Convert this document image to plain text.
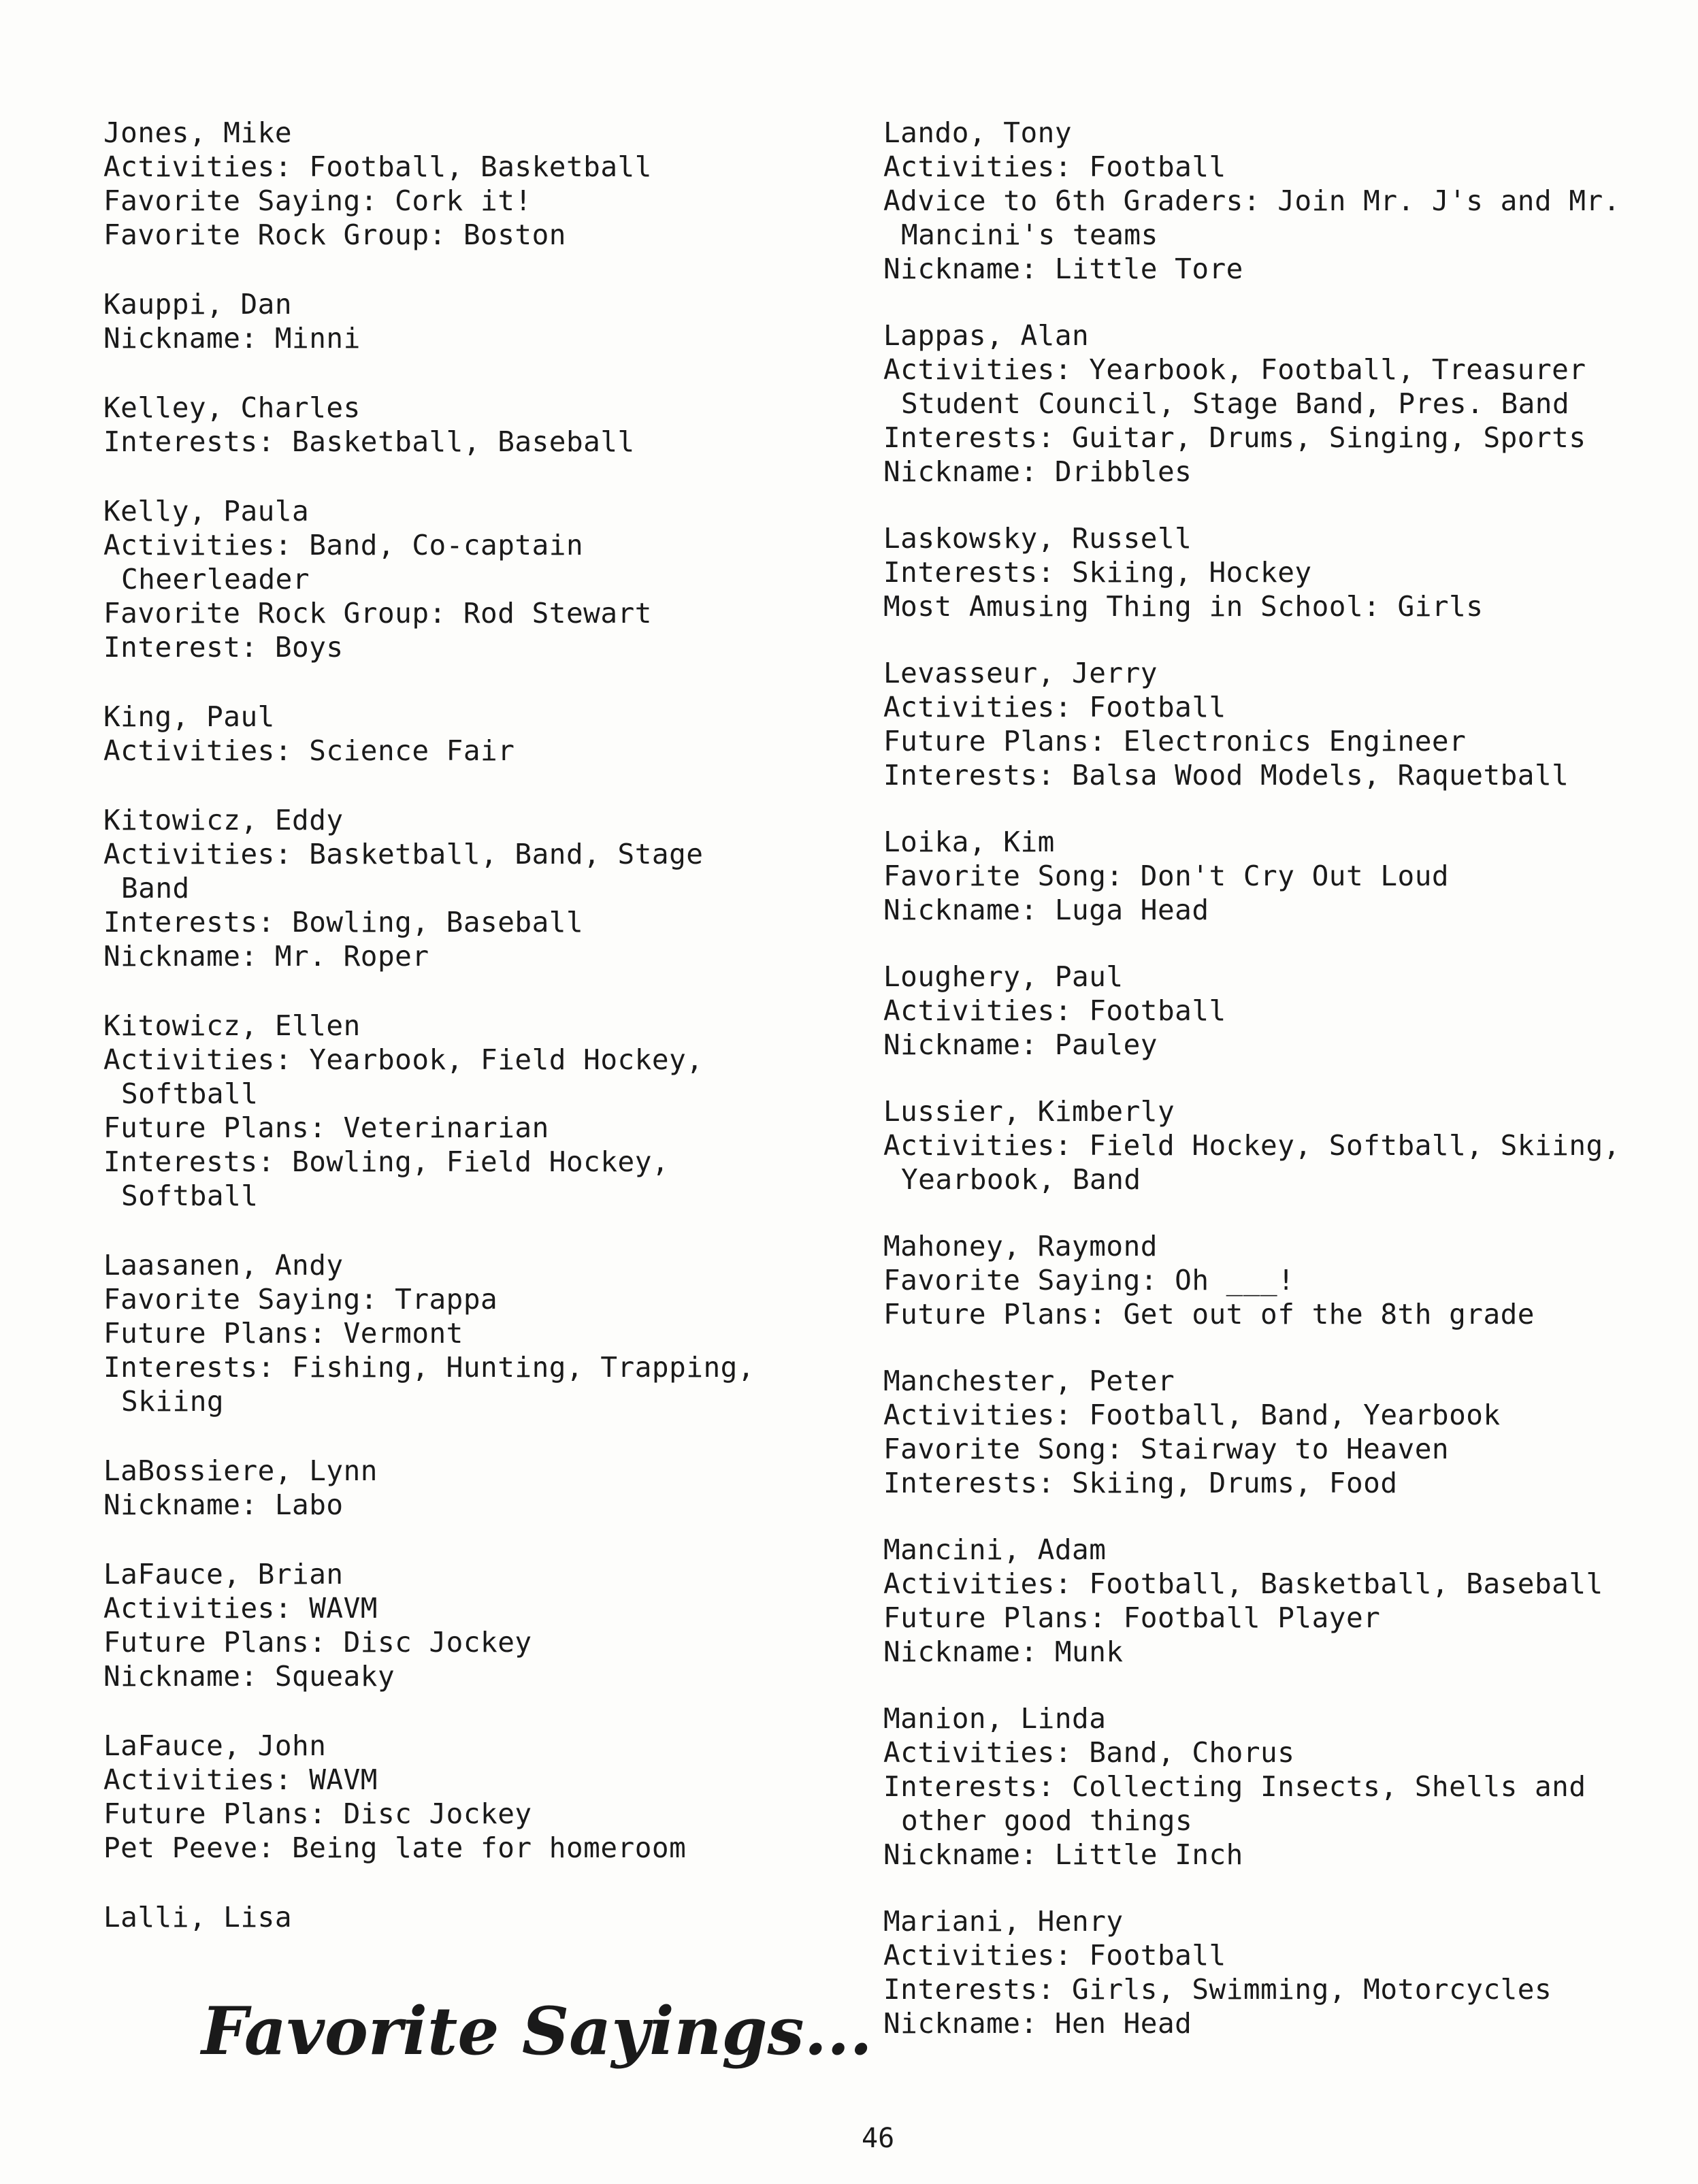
Jones, Mike
Activities: Football, Basketball
Favorite Saying: Cork it!
Favorite Rock Group: Boston
Kauppi, Dan
Nickname: Minni
Kelley, Charles
Interests: Basketball, Baseball
Kelly, Paula
Activities: Band, Co-captain
Cheerleader
Favorite Rock Group: Rod Stewart
Interest: Boys
King, Paul
Activities: Science Fair
Kitowicz, Eddy
Activities: Basketball, Band, Stage
Band
Interests: Bowling, Baseball
Nickname: Mr. Roper
Kitowicz, Ellen
Activities: Yearbook, Field Hockey,
Softball
Future Plans: Veterinarian
Interests: Bowling, Field Hockey,
Softball
Laasanen, Andy
Favorite Saying: Trappa
Future Plans: Vermont
Interests: Fishing, Hunting, Trapping,
Skiing
LaBossiere, Lynn
Nickname: Labo
LaFauce, Brian
Activities: WAVM
Future Plans: Disc Jockey
Nickname: Squeaky
LaFauce, John
Activities: WAVM
Future Plans: Disc Jockey
Pet Peeve: Being late for homeroom
Lalli, Lisa
Lando, Tony
Activities: Football
Advice to 6th Graders: Join Mr. J's and Mr.
Mancini's teams
Nickname: Little Tore
Lappas, Alan
Activities: Yearbook, Football, Treasurer
Student Council, Stage Band, Pres. Band
Interests: Guitar, Drums, Singing, Sports
Nickname: Dribbles
Laskowsky, Russell
Interests: Skiing, Hockey
Most Amusing Thing in School: Girls
Levasseur, Jerry
Activities: Football
Future Plans: Electronics Engineer
Interests: Balsa Wood Models, Raquetball
Loika, Kim
Favorite Song: Don't Cry Out Loud
Nickname: Luga Head
Loughery, Paul
Activities: Football
Nickname: Pauley
Lussier, Kimberly
Activities: Field Hockey, Softball, Skiing,
Yearbook, Band
Mahoney, Raymond
Favorite Saying: Oh ___!
Future Plans: Get out of the 8th grade
Manchester, Peter
Activities: Football, Band, Yearbook
Favorite Song: Stairway to Heaven
Interests: Skiing, Drums, Food
Mancini, Adam
Activities: Football, Basketball, Baseball
Future Plans: Football Player
Nickname: Munk
Manion, Linda
Activities: Band, Chorus
Interests: Collecting Insects, Shells and
other good things
Nickname: Little Inch
Mariani, Henry
Activities: Football
Interests: Girls, Swimming, Motorcycles
Nickname: Hen Head
Favorite Sayings...
46
